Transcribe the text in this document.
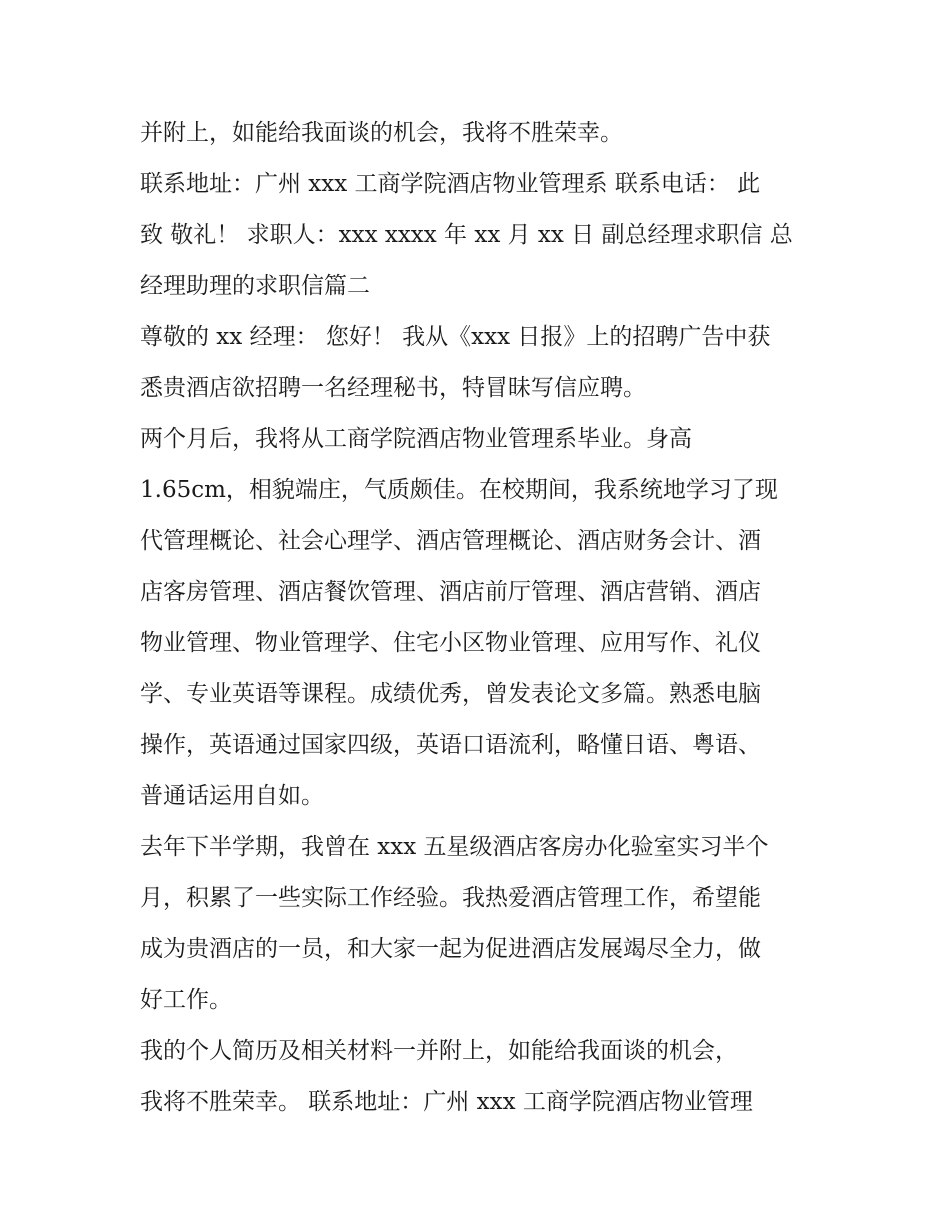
并附上，如能给我面谈的机会，我将不胜荣幸。

联系地址：广州 xxx 工商学院酒店物业管理系 联系电话： 此

致 敬礼！ 求职人：xxx xxxx 年 xx 月 xx 日 副总经理求职信 总

经理助理的求职信篇二

尊敬的 xx 经理： 您好！ 我从《xxx 日报》上的招聘广告中获

悉贵酒店欲招聘一名经理秘书，特冒昧写信应聘。

两个月后，我将从工商学院酒店物业管理系毕业。身高

1.65cm，相貌端庄，气质颇佳。在校期间，我系统地学习了现

代管理概论、社会心理学、酒店管理概论、酒店财务会计、酒

店客房管理、酒店餐饮管理、酒店前厅管理、酒店营销、酒店

物业管理、物业管理学、住宅小区物业管理、应用写作、礼仪

学、专业英语等课程。成绩优秀，曾发表论文多篇。熟悉电脑

操作，英语通过国家四级，英语口语流利，略懂日语、粤语、

普通话运用自如。

去年下半学期，我曾在 xxx 五星级酒店客房办化验室实习半个

月，积累了一些实际工作经验。我热爱酒店管理工作，希望能

成为贵酒店的一员，和大家一起为促进酒店发展竭尽全力，做

好工作。

我的个人简历及相关材料一并附上，如能给我面谈的机会，

我将不胜荣幸。 联系地址：广州 xxx 工商学院酒店物业管理
